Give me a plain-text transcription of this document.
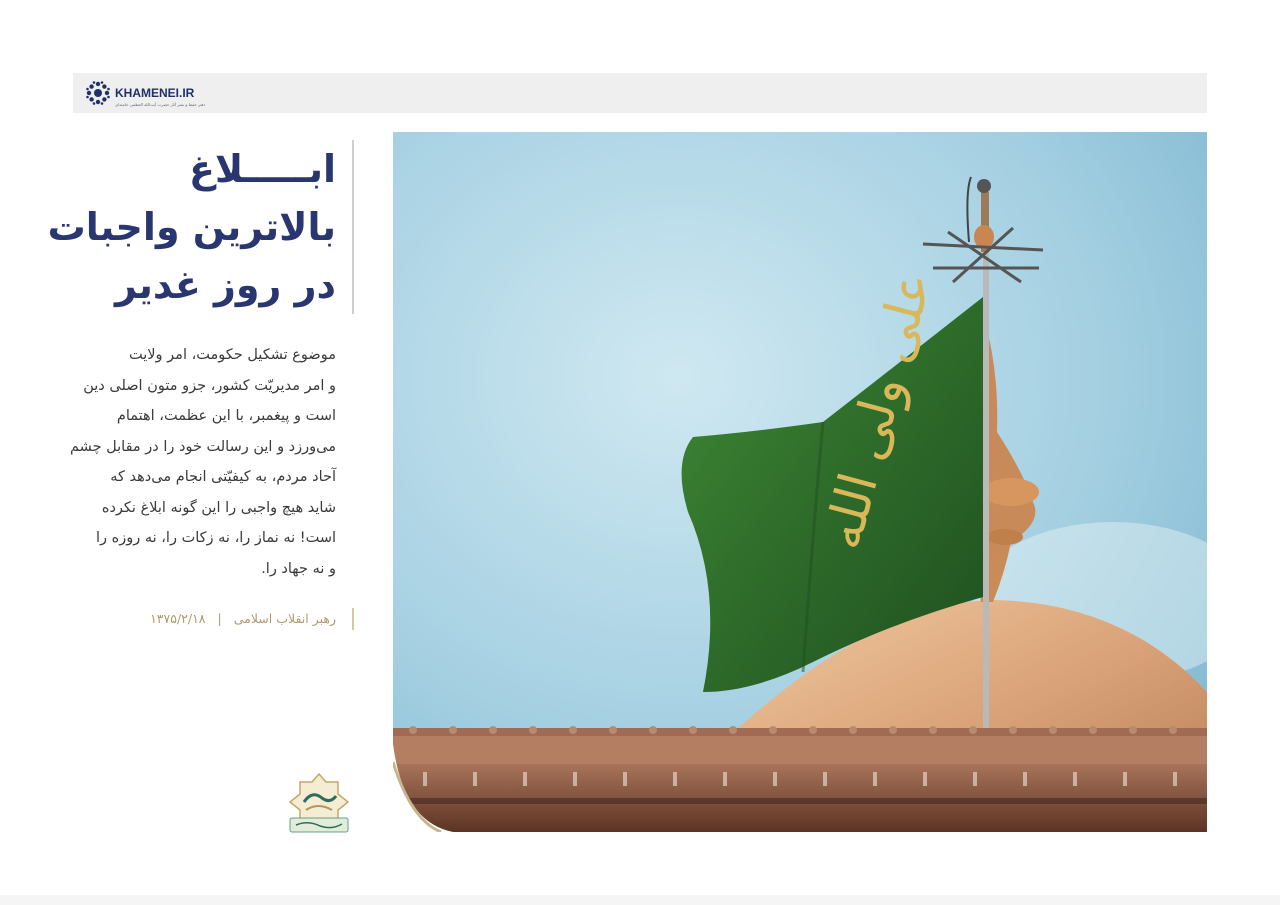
KHAMENEI.IR
دفتر حفظ و نشر آثار حضرت آیت‌الله العظمی خامنه‌ای
ابـــــلاغ
بالاترین واجبات
در روز غدیر
موضوع تشکیل حکومت، امر ولایت
و امر مدیریّت کشور، جزو متون اصلی دین
است و پیغمبر، با این عظمت، اهتمام
می‌ورزد و این رسالت خود را در مقابل چشم
آحاد مردم، به کیفیّتی انجام می‌دهد که
شاید هیچ واجبی را این گونه ابلاغ نکرده
است! نه نماز را، نه زکات را، نه روزه را
و نه جهاد را.
رهبر انقلاب اسلامی|۱۳۷۵/۲/۱۸
علی ولی الله
